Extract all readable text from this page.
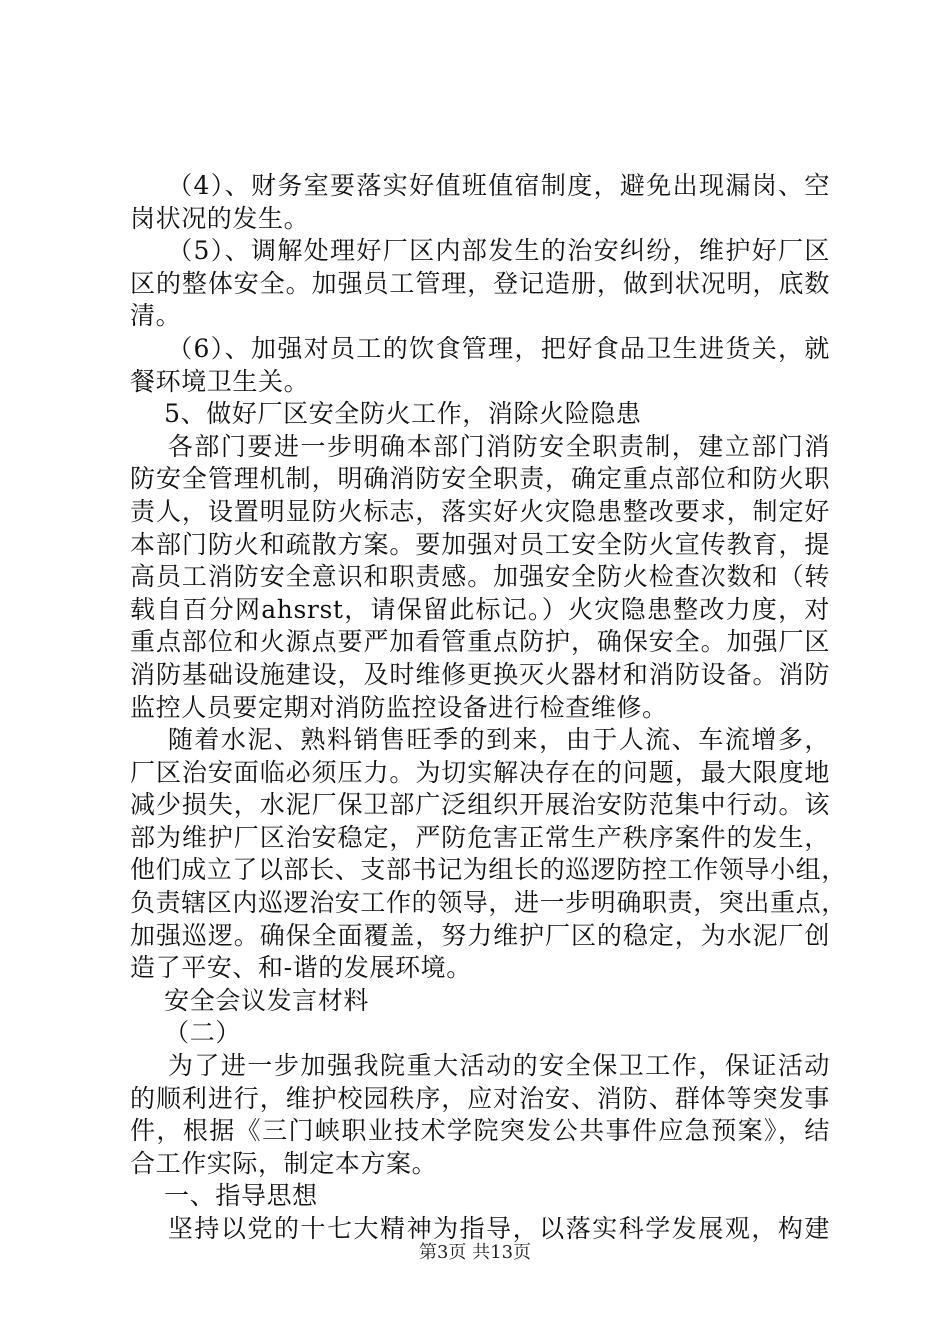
（4）、财务室要落实好值班值宿制度，避免出现漏岗、空
岗状况的发生。
（5）、调解处理好厂区内部发生的治安纠纷，维护好厂区
区的整体安全。加强员工管理，登记造册，做到状况明，底数
清。
（6）、加强对员工的饮食管理，把好食品卫生进货关，就
餐环境卫生关。
5、做好厂区安全防火工作，消除火险隐患
各部门要进一步明确本部门消防安全职责制，建立部门消
防安全管理机制，明确消防安全职责，确定重点部位和防火职
责人，设置明显防火标志，落实好火灾隐患整改要求，制定好
本部门防火和疏散方案。要加强对员工安全防火宣传教育，提
高员工消防安全意识和职责感。加强安全防火检查次数和（转
载自百分网ahsrst，请保留此标记。）火灾隐患整改力度，对
重点部位和火源点要严加看管重点防护，确保安全。加强厂区
消防基础设施建设，及时维修更换灭火器材和消防设备。消防
监控人员要定期对消防监控设备进行检查维修。
随着水泥、熟料销售旺季的到来，由于人流、车流增多，
厂区治安面临必须压力。为切实解决存在的问题，最大限度地
减少损失，水泥厂保卫部广泛组织开展治安防范集中行动。该
部为维护厂区治安稳定，严防危害正常生产秩序案件的发生，
他们成立了以部长、支部书记为组长的巡逻防控工作领导小组，
负责辖区内巡逻治安工作的领导，进一步明确职责，突出重点，
加强巡逻。确保全面覆盖，努力维护厂区的稳定，为水泥厂创
造了平安、和-谐的发展环境。
安全会议发言材料
（二）
为了进一步加强我院重大活动的安全保卫工作，保证活动
的顺利进行，维护校园秩序，应对治安、消防、群体等突发事
件，根据《三门峡职业技术学院突发公共事件应急预案》，结
合工作实际，制定本方案。
一、指导思想
坚持以党的十七大精神为指导，以落实科学发展观，构建
第3页 共13页
